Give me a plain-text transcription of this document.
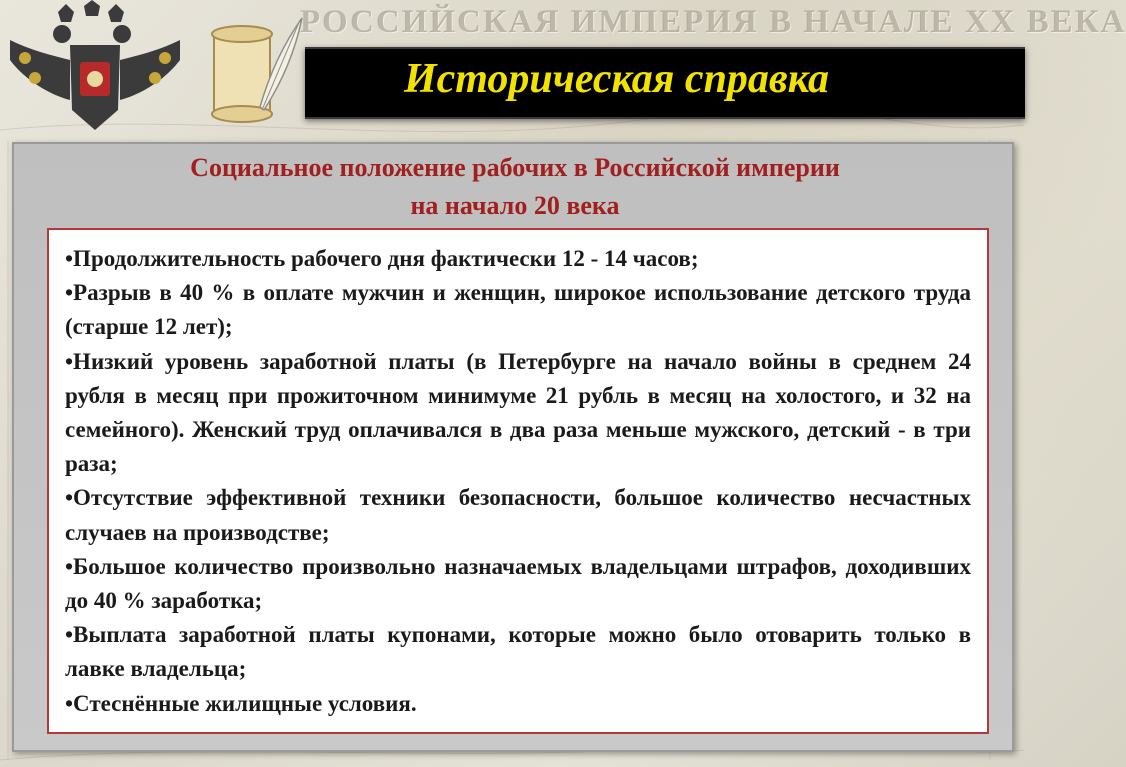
РОССИЙСКАЯ ИМПЕРИЯ В НАЧАЛЕ XX ВЕКА
Историческая справка
Социальное положение рабочих в Российской империи
на начало 20 века

•Продолжительность рабочего дня фактически 12 - 14 часов;

•Разрыв в 40 % в оплате мужчин и женщин, широкое использование детского труда (старше 12 лет);

•Низкий уровень заработной платы (в Петербурге на начало войны в среднем 24 рубля в месяц при прожиточном минимуме 21 рубль в месяц на холостого, и 32 на семейного). Женский труд оплачивался в два раза меньше мужского, детский - в три раза;

•Отсутствие эффективной техники безопасности, большое количество несчастных случаев на производстве;

•Большое количество произвольно назначаемых владельцами штрафов, доходивших до 40 % заработка;

•Выплата заработной платы купонами, которые можно было отоварить только в лавке владельца;

•Стеснённые жилищные условия.
